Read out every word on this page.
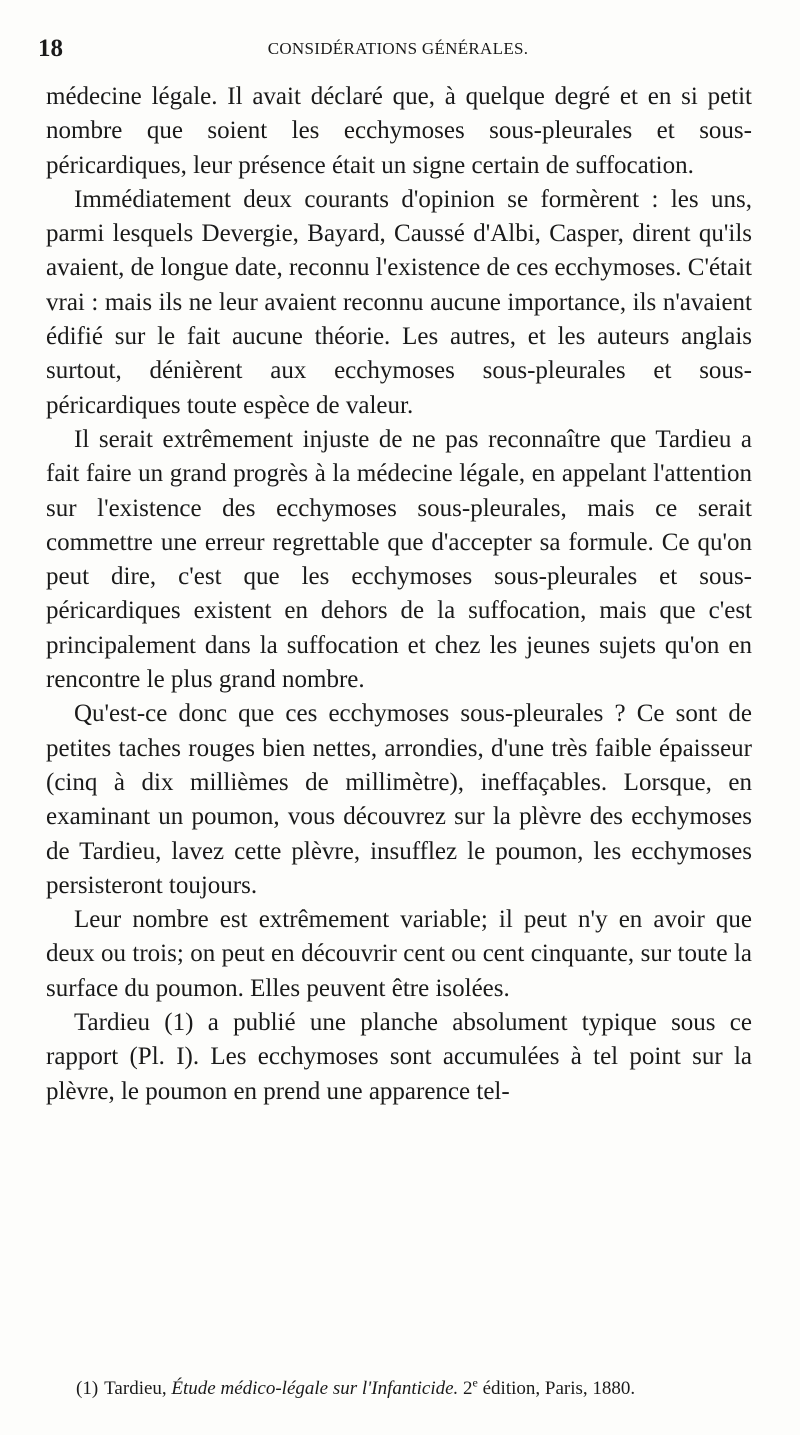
18	CONSIDÉRATIONS GÉNÉRALES.

médecine légale. Il avait déclaré que, à quelque degré et en si petit nombre que soient les ecchymoses sous-pleurales et sous-péricardiques, leur présence était un signe certain de suffocation.

Immédiatement deux courants d'opinion se formèrent : les uns, parmi lesquels Devergie, Bayard, Caussé d'Albi, Casper, dirent qu'ils avaient, de longue date, reconnu l'existence de ces ecchymoses. C'était vrai : mais ils ne leur avaient reconnu aucune importance, ils n'avaient édifié sur le fait aucune théorie. Les autres, et les auteurs anglais surtout, dénièrent aux ecchymoses sous-pleurales et sous-péricardiques toute espèce de valeur.

Il serait extrêmement injuste de ne pas reconnaître que Tardieu a fait faire un grand progrès à la médecine légale, en appelant l'attention sur l'existence des ecchymoses sous-pleurales, mais ce serait commettre une erreur regrettable que d'accepter sa formule. Ce qu'on peut dire, c'est que les ecchymoses sous-pleurales et sous-péricardiques existent en dehors de la suffocation, mais que c'est principalement dans la suffocation et chez les jeunes sujets qu'on en rencontre le plus grand nombre.

Qu'est-ce donc que ces ecchymoses sous-pleurales ? Ce sont de petites taches rouges bien nettes, arrondies, d'une très faible épaisseur (cinq à dix millièmes de millimètre), ineffaçables. Lorsque, en examinant un poumon, vous découvrez sur la plèvre des ecchymoses de Tardieu, lavez cette plèvre, insufflez le poumon, les ecchymoses persisteront toujours.

Leur nombre est extrêmement variable; il peut n'y en avoir que deux ou trois; on peut en découvrir cent ou cent cinquante, sur toute la surface du poumon. Elles peuvent être isolées.

Tardieu (1) a publié une planche absolument typique sous ce rapport (Pl. I). Les ecchymoses sont accumulées à tel point sur la plèvre, le poumon en prend une apparence tel-

(1) Tardieu, Étude médico-légale sur l'Infanticide. 2e édition, Paris, 1880.
